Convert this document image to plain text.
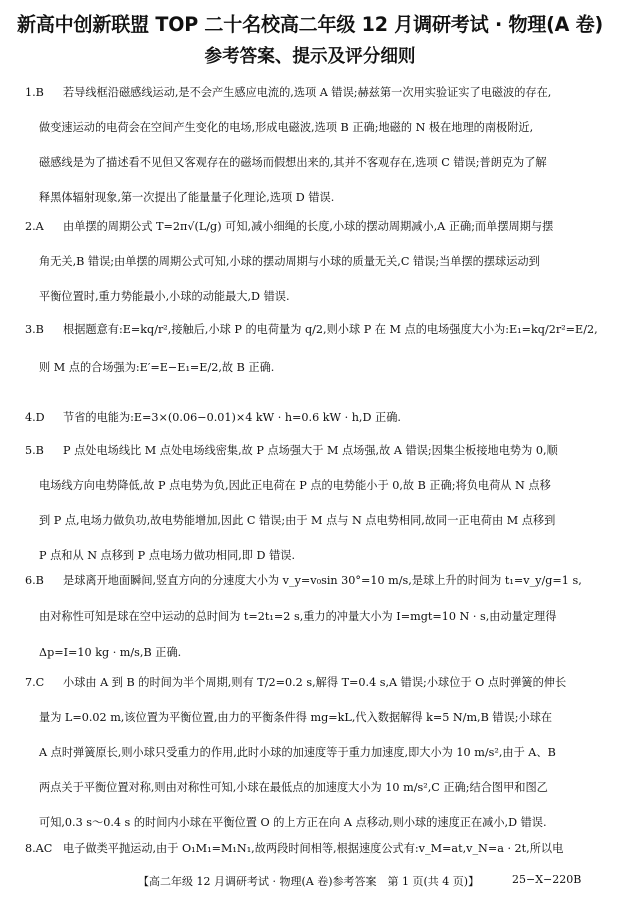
新高中创新联盟 TOP 二十名校高二年级 12 月调研考试 · 物理(A 卷)
参考答案、提示及评分细则
1.B 若导线框沿磁感线运动,是不会产生感应电流的,选项 A 错误;赫兹第一次用实验证实了电磁波的存在,
做变速运动的电荷会在空间产生变化的电场,形成电磁波,选项 B 正确;地磁的 N 极在地理的南极附近,
磁感线是为了描述看不见但又客观存在的磁场而假想出来的,其并不客观存在,选项 C 错误;普朗克为了解
释黑体辐射现象,第一次提出了能量量子化理论,选项 D 错误.
2.A 由单摆的周期公式 T=2π√(L/g) 可知,减小细绳的长度,小球的摆动周期减小,A 正确;而单摆周期与摆
角无关,B 错误;由单摆的周期公式可知,小球的摆动周期与小球的质量无关,C 错误;当单摆的摆球运动到
平衡位置时,重力势能最小,小球的动能最大,D 错误.
3.B 根据题意有:E=kq/r²,接触后,小球 P 的电荷量为 q/2,则小球 P 在 M 点的电场强度大小为:E₁=kq/2r²=E/2,
则 M 点的合场强为:E′=E−E₁=E/2,故 B 正确.
4.D 节省的电能为:E=3×(0.06−0.01)×4 kW · h=0.6 kW · h,D 正确.
5.B P 点处电场线比 M 点处电场线密集,故 P 点场强大于 M 点场强,故 A 错误;因集尘板接地电势为 0,顺
电场线方向电势降低,故 P 点电势为负,因此正电荷在 P 点的电势能小于 0,故 B 正确;将负电荷从 N 点移
到 P 点,电场力做负功,故电势能增加,因此 C 错误;由于 M 点与 N 点电势相同,故同一正电荷由 M 点移到
P 点和从 N 点移到 P 点电场力做功相同,即 D 错误.
6.B 是球离开地面瞬间,竖直方向的分速度大小为 v_y=v₀sin 30°=10 m/s,是球上升的时间为 t₁=v_y/g=1 s,
由对称性可知是球在空中运动的总时间为 t=2t₁=2 s,重力的冲量大小为 I=mgt=10 N · s,由动量定理得
Δp=I=10 kg · m/s,B 正确.
7.C 小球由 A 到 B 的时间为半个周期,则有 T/2=0.2 s,解得 T=0.4 s,A 错误;小球位于 O 点时弹簧的伸长
量为 L=0.02 m,该位置为平衡位置,由力的平衡条件得 mg=kL,代入数据解得 k=5 N/m,B 错误;小球在
A 点时弹簧原长,则小球只受重力的作用,此时小球的加速度等于重力加速度,即大小为 10 m/s²,由于 A、B
两点关于平衡位置对称,则由对称性可知,小球在最低点的加速度大小为 10 m/s²,C 正确;结合图甲和图乙
可知,0.3 s～0.4 s 的时间内小球在平衡位置 O 的上方正在向 A 点移动,则小球的速度正在减小,D 错误.
8.AC 电子做类平抛运动,由于 O₁M₁=M₁N₁,故两段时间相等,根据速度公式有:v_M=at,v_N=a · 2t,所以电
【高二年级 12 月调研考试 · 物理(A 卷)参考答案　第 1 页(共 4 页)】	25−X−220B
